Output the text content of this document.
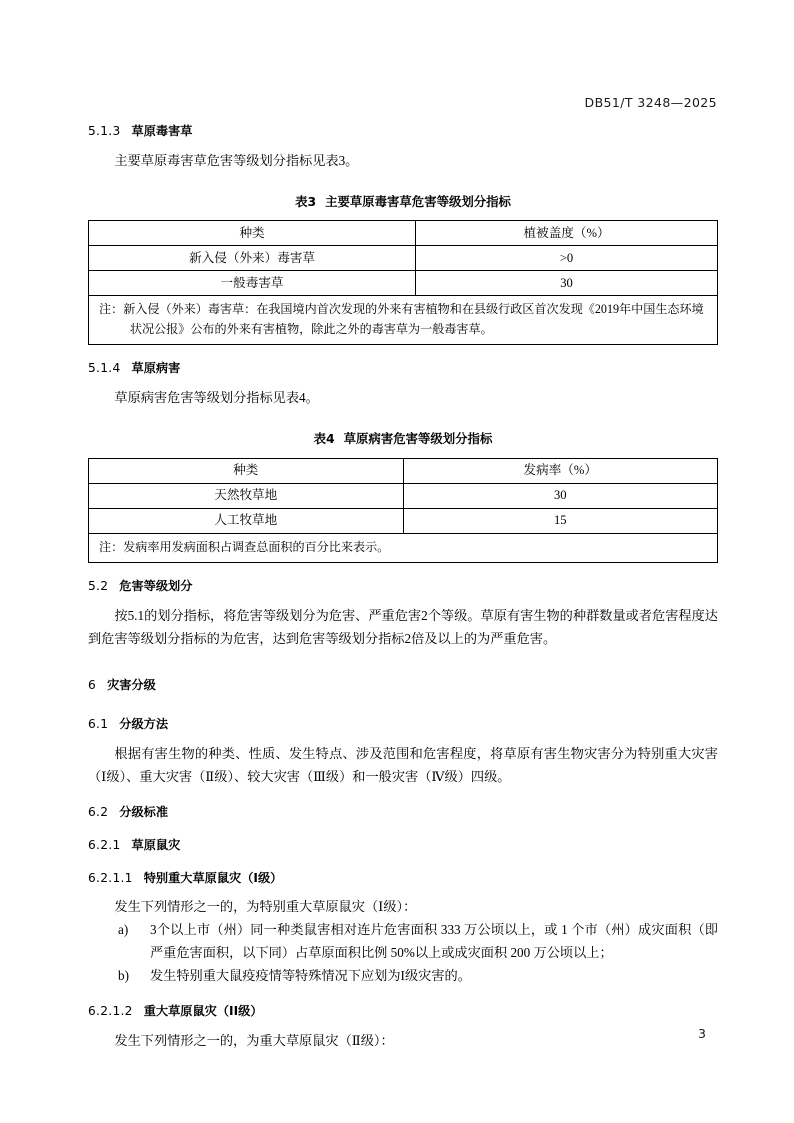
DB51/T 3248—2025
5.1.3 草原毒害草

主要草原毒害草危害等级划分指标见表3。

表3 主要草原毒害草危害等级划分指标

种类	植被盖度（%）
新入侵（外来）毒害草	>0
一般毒害草	30

注：新入侵（外来）毒害草：在我国境内首次发现的外来有害植物和在县级行政区首次发现《2019年中国生态环境
状况公报》公布的外来有害植物，除此之外的毒害草为一般毒害草。	
5.1.4 草原病害

草原病害危害等级划分指标见表4。

表4 草原病害危害等级划分指标

种类	发病率（%）
天然牧草地	30
人工牧草地	15

注：发病率用发病面积占调查总面积的百分比来表示。	
5.2 危害等级划分

按5.1的划分指标，将危害等级划分为危害、严重危害2个等级。草原有害生物的种群数量或者危害程度达到危害等级划分指标的为危害，达到危害等级划分指标2倍及以上的为严重危害。

6 灾害分级
6.1 分级方法

根据有害生物的种类、性质、发生特点、涉及范围和危害程度，将草原有害生物灾害分为特别重大灾害（Ⅰ级）、重大灾害（Ⅱ级）、较大灾害（Ⅲ级）和一般灾害（Ⅳ级）四级。

6.2 分级标准
6.2.1 草原鼠灾
6.2.1.1 特别重大草原鼠灾（Ⅰ级）

发生下列情形之一的，为特别重大草原鼠灾（Ⅰ级）：

a) 3个以上市（州）同一种类鼠害相对连片危害面积 333 万公顷以上，或 1 个市（州）成灾面积（即严重危害面积，以下同）占草原面积比例 50%以上或成灾面积 200 万公顷以上；
b) 发生特别重大鼠疫疫情等特殊情况下应划为I级灾害的。
6.2.1.2 重大草原鼠灾（II级）

发生下列情形之一的，为重大草原鼠灾（Ⅱ级）：	3
